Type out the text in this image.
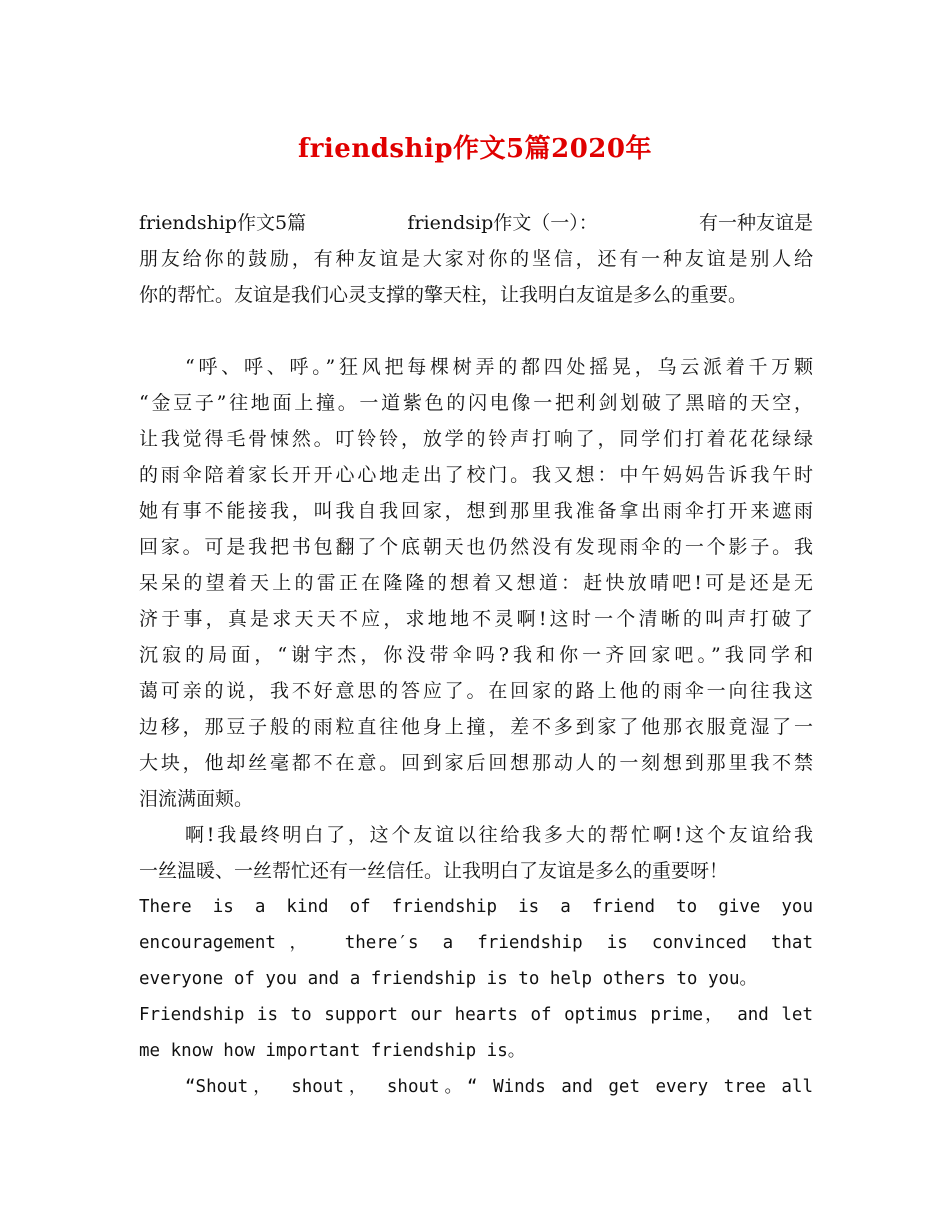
friendship作文5篇2020年
friendship作文5篇	friendsip作文（一）：	有一种友谊是
朋友给你的鼓励，有种友谊是大家对你的坚信，还有一种友谊是别人给
你的帮忙。友谊是我们心灵支撑的擎天柱，让我明白友谊是多么的重要。
“呼、呼、呼。”狂风把每棵树弄的都四处摇晃，乌云派着千万颗
“金豆子”往地面上撞。一道紫色的闪电像一把利剑划破了黑暗的天空，
让我觉得毛骨悚然。叮铃铃，放学的铃声打响了，同学们打着花花绿绿
的雨伞陪着家长开开心心地走出了校门。我又想：中午妈妈告诉我午时
她有事不能接我，叫我自我回家，想到那里我准备拿出雨伞打开来遮雨
回家。可是我把书包翻了个底朝天也仍然没有发现雨伞的一个影子。我
呆呆的望着天上的雷正在隆隆的想着又想道：赶快放晴吧!可是还是无
济于事，真是求天天不应，求地地不灵啊!这时一个清晰的叫声打破了
沉寂的局面，“谢宇杰，你没带伞吗?我和你一齐回家吧。”我同学和
蔼可亲的说，我不好意思的答应了。在回家的路上他的雨伞一向往我这
边移，那豆子般的雨粒直往他身上撞，差不多到家了他那衣服竟湿了一
大块，他却丝毫都不在意。回到家后回想那动人的一刻想到那里我不禁
泪流满面颊。
啊!我最终明白了，这个友谊以往给我多大的帮忙啊!这个友谊给我
一丝温暖、一丝帮忙还有一丝信任。让我明白了友谊是多么的重要呀！
There is a kind of friendship is a friend to give you
encouragement， there′s a friendship is convinced that
everyone of you and a friendship is to help others to you。
Friendship is to support our hearts of optimus prime， and let
me know how important friendship is。
“Shout， shout， shout。“ Winds and get every tree all
